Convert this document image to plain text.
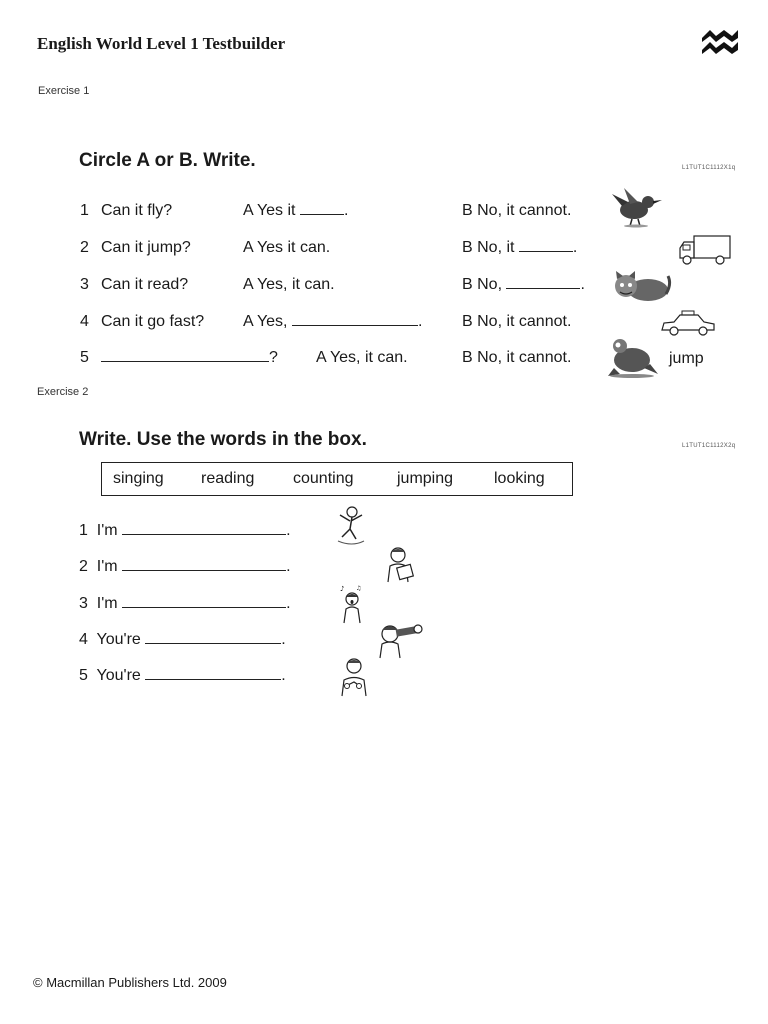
English World Level 1 Testbuilder
Exercise 1
Circle A or B. Write.	L1TUT1C1112X1q
1 Can it fly?	A Yes it	.	B No, it cannot.
2 Can it jump?	A Yes it can.	B No, it	.
3 Can it read?	A Yes, it can.	B No,	.
4 Can it go fast? A Yes,	. B No, it cannot.
5	? A Yes, it can.	B No, it cannot.	jump
Exercise 2
Write. Use the words in the box.	L1TUT1C1112X2q
singing reading counting	jumping	looking
1 I'm	.
2 I'm	.
3 I'm	.
♪ ♫
4 You're	.
5 You're	.
© Macmillan Publishers Ltd. 2009
